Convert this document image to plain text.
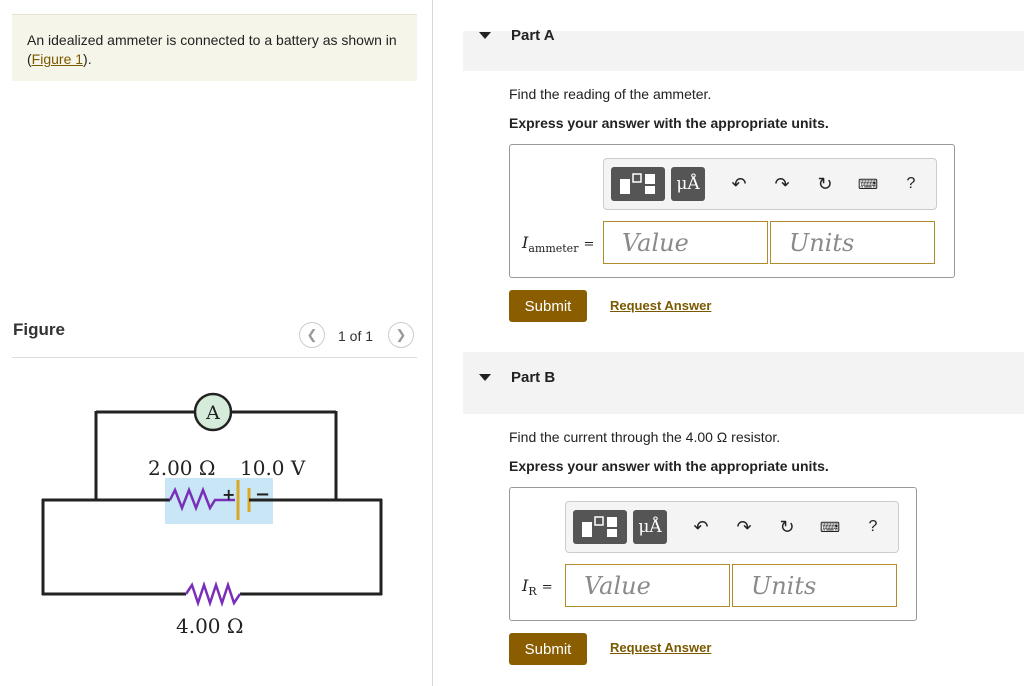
An idealized ammeter is connected to a battery as shown in (Figure 1).
Figure	❮ 1 of 1 ❯
+ −
A
2.00 Ω 10.0 V
4.00 Ω
Part A
Find the reading of the ammeter.
Express your answer with the appropriate units.
μÅ ↶ ↷ ↻	⌨	?
$I_{ammeter}$ =	Value	Units
Submit	Request Answer
Part B
Find the current through the 4.00 Ω resistor.
Express your answer with the appropriate units.
μÅ ↶ ↷ ↻	⌨	?
$I_R$ =	Value	Units
Submit	Request Answer
